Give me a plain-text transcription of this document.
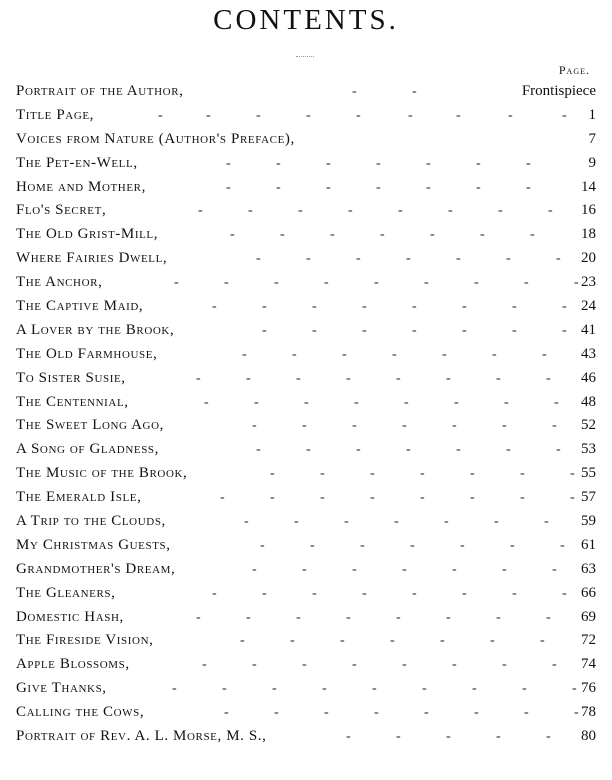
CONTENTS.
Page.
Portrait of the Author,	-	-	Frontispiece
Title Page,	-	-	-	-	-	-	-	-	- 1
Voices from Nature (Author's Preface),	7
The Pet-en-Well,	-	-	-	-	-	-	-	9
Home and Mother,	-	-	-	-	-	-	-	14
Flo's Secret,	-	-	-	-	-	-	-	- 16
The Old Grist-Mill,	-	-	-	-	-	-	-	18
Where Fairies Dwell,	-	-	-	-	-	-	- 20
The Anchor,	-	-	-	-	-	-	-	-	- 23
The Captive Maid,	-	-	-	-	-	-	-	- 24
A Lover by the Brook,	-	-	-	-	-	-	- 41
The Old Farmhouse,	-	-	-	-	-	-	- 43
To Sister Susie,	-	-	-	-	-	-	-	- 46
The Centennial,	-	-	-	-	-	-	-	- 48
The Sweet Long Ago,	-	-	-	-	-	-	- 52
A Song of Gladness,	-	-	-	-	-	-	- 53
The Music of the Brook,	-	-	-	-	-	-	- 55
The Emerald Isle,	-	-	-	-	-	-	-	- 57
A Trip to the Clouds,	-	-	-	-	-	-	- 59
My Christmas Guests,	-	-	-	-	-	-	- 61
Grandmother's Dream,	-	-	-	-	-	-	- 63
The Gleaners,	-	-	-	-	-	-	-	- 66
Domestic Hash,	-	-	-	-	-	-	-	- 69
The Fireside Vision,	-	-	-	-	-	-	- 72
Apple Blossoms,	-	-	-	-	-	-	-	- 74
Give Thanks,	-	-	-	-	-	-	-	-	- 76
Calling the Cows,	-	-	-	-	-	-	-	- 78
Portrait of Rev. A. L. Morse, M. S.,	-	-	-	-	- 80
